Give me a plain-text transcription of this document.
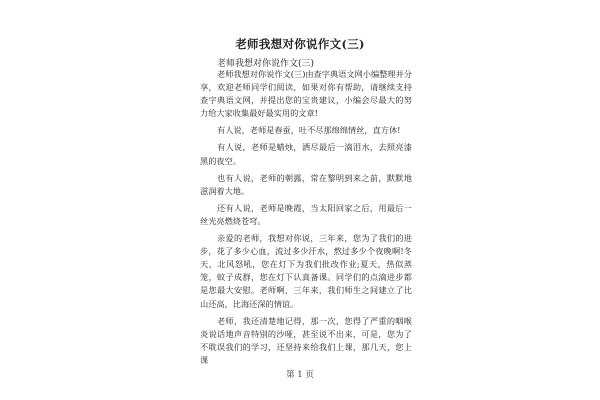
老师我想对你说作文(三)
老师我想对你说作文(三)

老师我想对你说作文(三)由查字典语文网小编整理并分享，欢迎老师同学们阅读，如果对你有帮助，请继续支持查字典语文网，并提出您的宝贵建议，小编会尽最大的努力给大家收集最好最实用的文章!

有人说，老师是春蚕，吐不尽那绵绵情丝，直方休!

有人说，老师是蜡烛，洒尽最后一滴泪水，去照亮漆黑的夜空。

也有人说，老师的朝露，常在黎明到来之前，默默地滋润着大地。

还有人说，老师是晚霞，当太阳回家之后，用最后一丝光亮燃烧苍穹。

亲爱的老师，我想对你说，三年来，您为了我们的进步，花了多少心血，流过多少汗水，熬过多少个夜晚啊!冬天，北风怒吼，您在灯下为我们批改作业;夏天，热似蒸笼，蚊子成群，您在灯下认真备课。同学们的点滴进步都是您最大安慰。老师啊，三年来，我们师生之间建立了比山还高，比海还深的情谊。

老师，我还清楚地记得，那一次，您得了严重的咽喉炎说话地声音特别的沙哑，甚至说不出来，可是，您为了不耽误我们的学习，还坚持来给我们上课，那几天，您上课

第 1 页
